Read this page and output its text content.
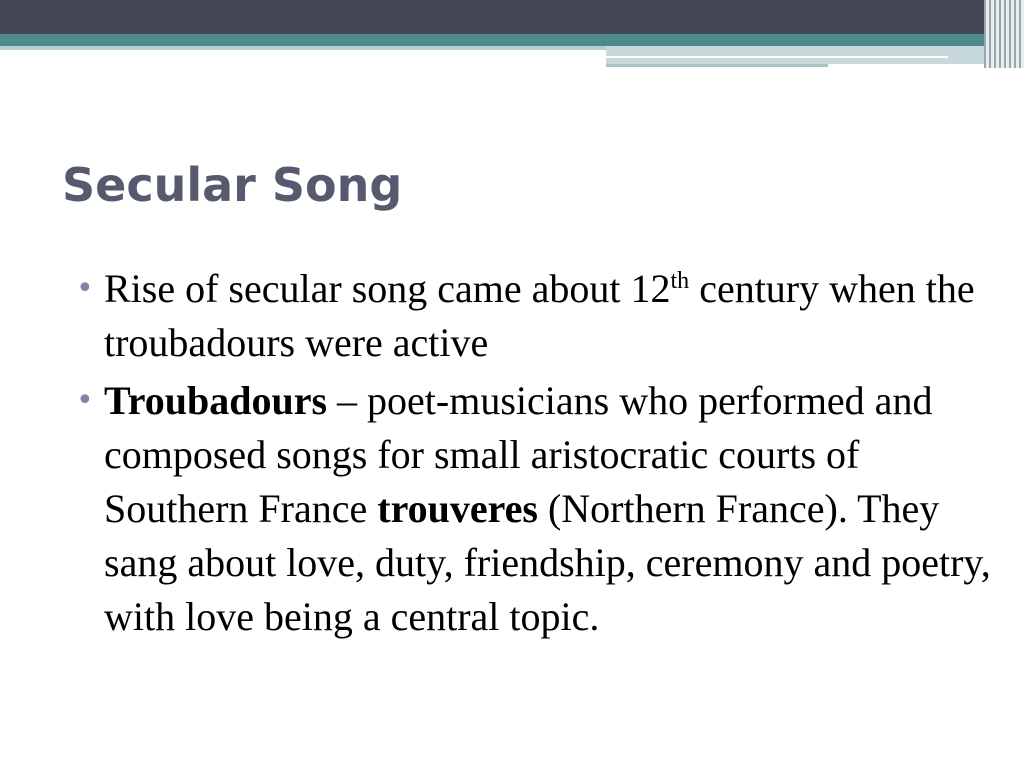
Secular Song
• Rise of secular song came about 12th century when the troubadours were active
• Troubadours – poet-musicians who performed and composed songs for small aristocratic courts of Southern France trouveres (Northern France). They sang about love, duty, friendship, ceremony and poetry, with love being a central topic.
